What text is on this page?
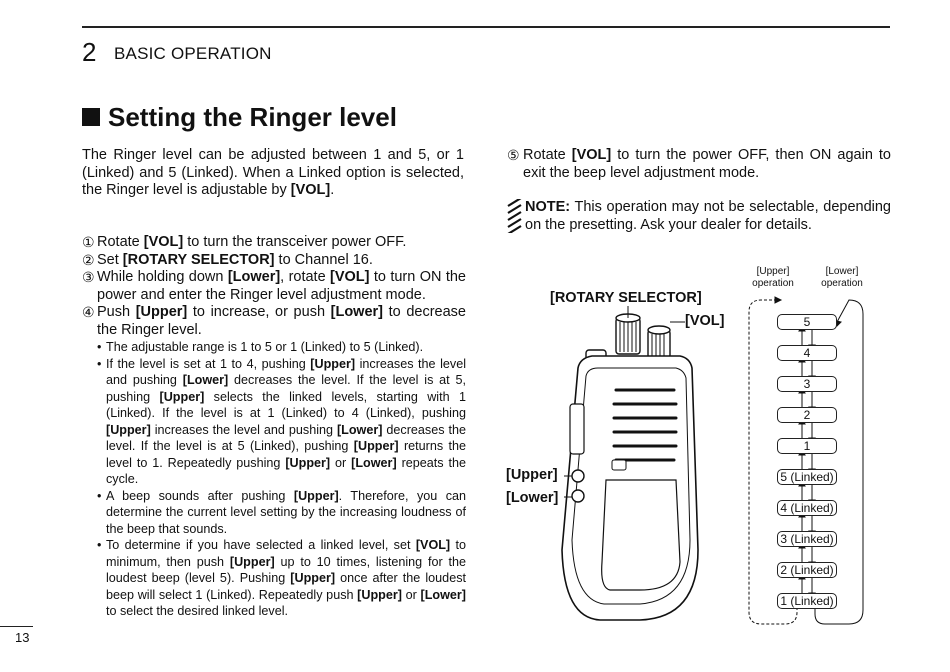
2 BASIC OPERATION
Setting the Ringer level

The Ringer level can be adjusted between 1 and 5, or 1 (Linked) and 5 (Linked). When a Linked option is selected, the Ringer level is adjustable by [VOL].

① Rotate [VOL] to turn the transceiver power OFF.
② Set [ROTARY SELECTOR] to Channel 16.
③ While holding down [Lower], rotate [VOL] to turn ON the power and enter the Ringer level adjustment mode.
④ Push [Upper] to increase, or push [Lower] to decrease the Ringer level.
• The adjustable range is 1 to 5 or 1 (Linked) to 5 (Linked).
• If the level is set at 1 to 4, pushing [Upper] increases the level and pushing [Lower] decreases the level. If the level is at 5, pushing [Upper] selects the linked levels, starting with 1 (Linked). If the level is at 1 (Linked) to 4 (Linked), pushing [Upper] increases the level and pushing [Lower] decreases the level. If the level is at 5 (Linked), pushing [Upper] returns the level to 1. Repeatedly pushing [Upper] or [Lower] repeats the cycle.
• A beep sounds after pushing [Upper]. Therefore, you can determine the current level setting by the increasing loudness of the beep that sounds.
• To determine if you have selected a linked level, set [VOL] to minimum, then push [Upper] up to 10 times, listening for the loudest beep (level 5). Pushing [Upper] once after the loudest beep will select 1 (Linked). Repeatedly push [Upper] or [Lower] to select the desired linked level.
⑤ Rotate [VOL] to turn the power OFF, then ON again to exit the beep level adjustment mode.
NOTE: This operation may not be selectable, depending on the presetting. Ask your dealer for details.
[ROTARY SELECTOR]
[VOL]
[Upper]
[Lower]
[Upper]
operation
[Lower]
operation
5
4
3
2
1
5 (Linked)
4 (Linked)
3 (Linked)
2 (Linked)
1 (Linked)
13
